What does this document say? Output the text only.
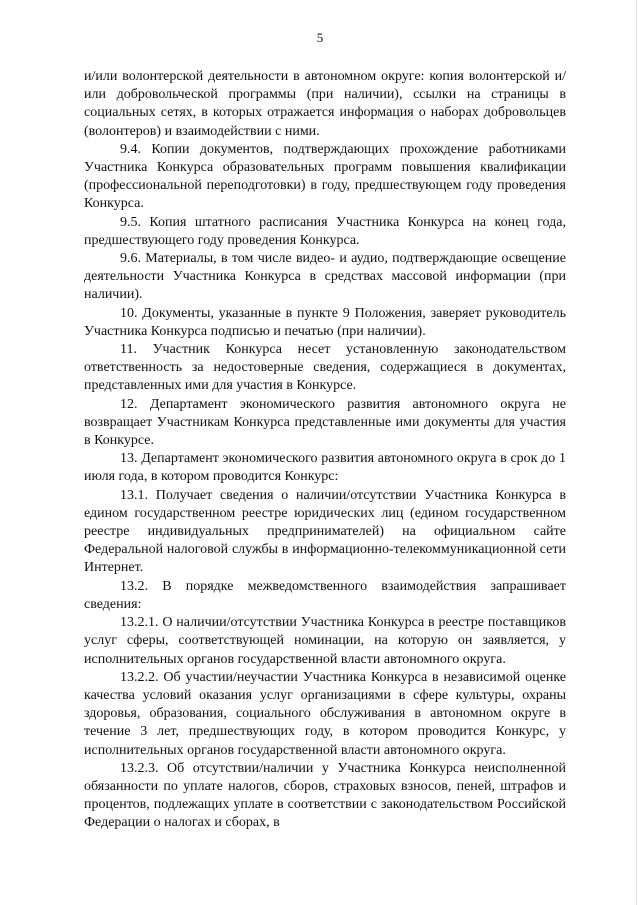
5

и/или волонтерской деятельности в автономном округе: копия волонтерской и/ или добровольческой программы (при наличии), ссылки на страницы в социальных сетях, в которых отражается информация о наборах добровольцев (волонтеров) и взаимодействии с ними.

9.4. Копии документов, подтверждающих прохождение работниками Участника Конкурса образовательных программ повышения квалификации (профессиональной переподготовки) в году, предшествующем году проведения Конкурса.

9.5. Копия штатного расписания Участника Конкурса на конец года, предшествующего году проведения Конкурса.

9.6. Материалы, в том числе видео- и аудио, подтверждающие освещение деятельности Участника Конкурса в средствах массовой информации (при наличии).

10. Документы, указанные в пункте 9 Положения, заверяет руководитель Участника Конкурса подписью и печатью (при наличии).

11. Участник Конкурса несет установленную законодательством ответственность за недостоверные сведения, содержащиеся в документах, представленных ими для участия в Конкурсе.

12. Департамент экономического развития автономного округа не возвращает Участникам Конкурса представленные ими документы для участия в Конкурсе.

13. Департамент экономического развития автономного округа в срок до 1 июля года, в котором проводится Конкурс:

13.1. Получает сведения о наличии/отсутствии Участника Конкурса в едином государственном реестре юридических лиц (едином государственном реестре индивидуальных предпринимателей) на официальном сайте Федеральной налоговой службы в информационно-телекоммуникационной сети Интернет.

13.2. В порядке межведомственного взаимодействия запрашивает сведения:

13.2.1. О наличии/отсутствии Участника Конкурса в реестре поставщиков услуг сферы, соответствующей номинации, на которую он заявляется, у исполнительных органов государственной власти автономного округа.

13.2.2. Об участии/неучастии Участника Конкурса в независимой оценке качества условий оказания услуг организациями в сфере культуры, охраны здоровья, образования, социального обслуживания в автономном округе в течение 3 лет, предшествующих году, в котором проводится Конкурс, у исполнительных органов государственной власти автономного округа.

13.2.3. Об отсутствии/наличии у Участника Конкурса неисполненной обязанности по уплате налогов, сборов, страховых взносов, пеней, штрафов и процентов, подлежащих уплате в соответствии с законодательством Российской Федерации о налогах и сборах, в
